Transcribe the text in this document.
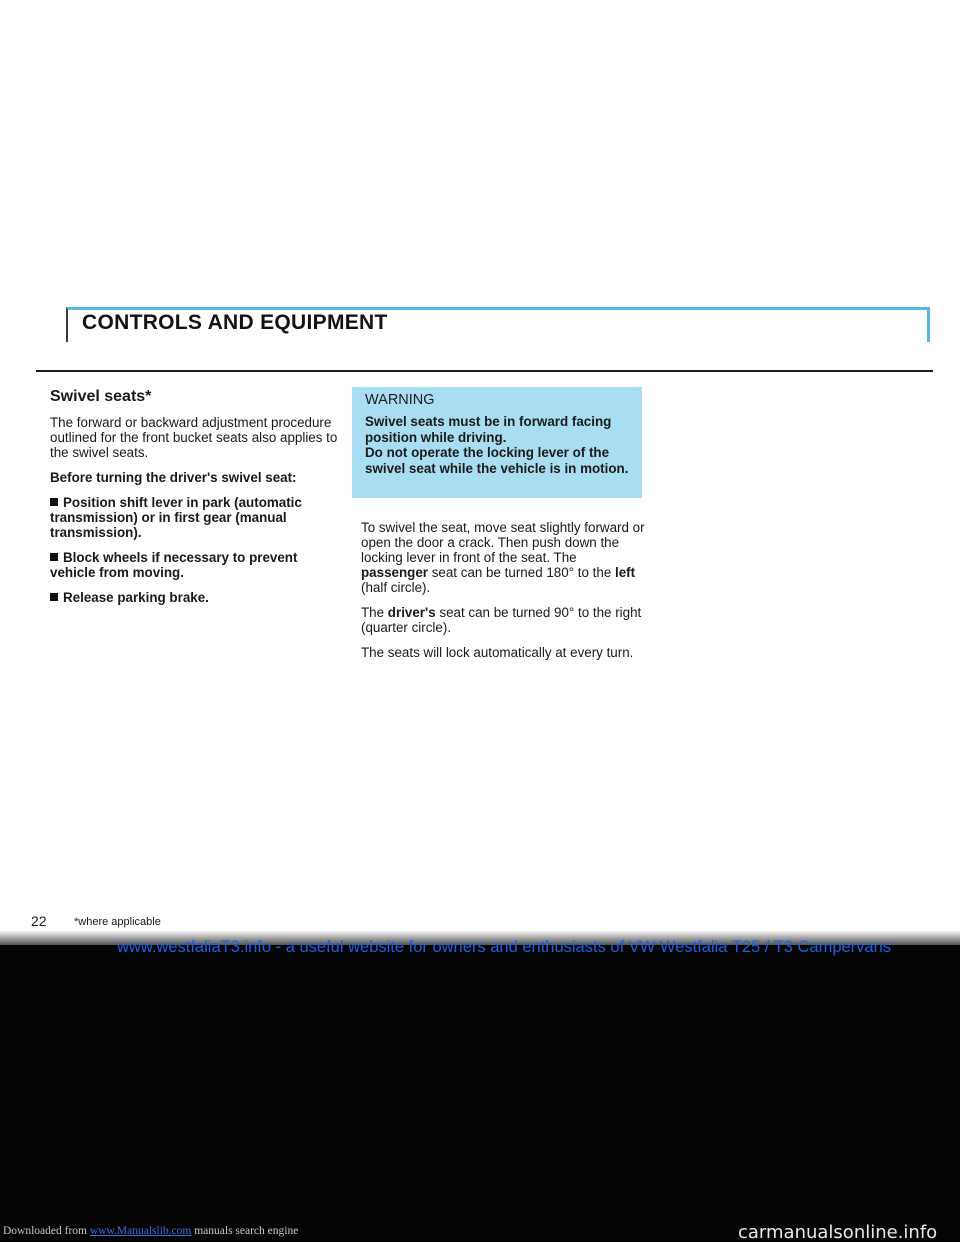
CONTROLS AND EQUIPMENT
Swivel seats*

The forward or backward adjustment procedure outlined for the front bucket seats also applies to the swivel seats.

Before turning the driver's swivel seat:

Position shift lever in park (automatic transmission) or in first gear (manual transmission).

Block wheels if necessary to prevent vehicle from moving.

Release parking brake.

WARNING
Swivel seats must be in forward facing position while driving.
Do not operate the locking lever of the swivel seat while the vehicle is in motion.

To swivel the seat, move seat slightly forward or open the door a crack. Then push down the locking lever in front of the seat. The passenger seat can be turned 180° to the left (half circle).

The driver's seat can be turned 90° to the right (quarter circle).

The seats will lock automatically at every turn.

22 *where applicable
www.westfaliaT3.info - a useful website for owners and enthusiasts of VW Westfalia T25 / T3 Campervans
Downloaded from www.Manualslib.com manuals search engine	carmanualsonline.info
